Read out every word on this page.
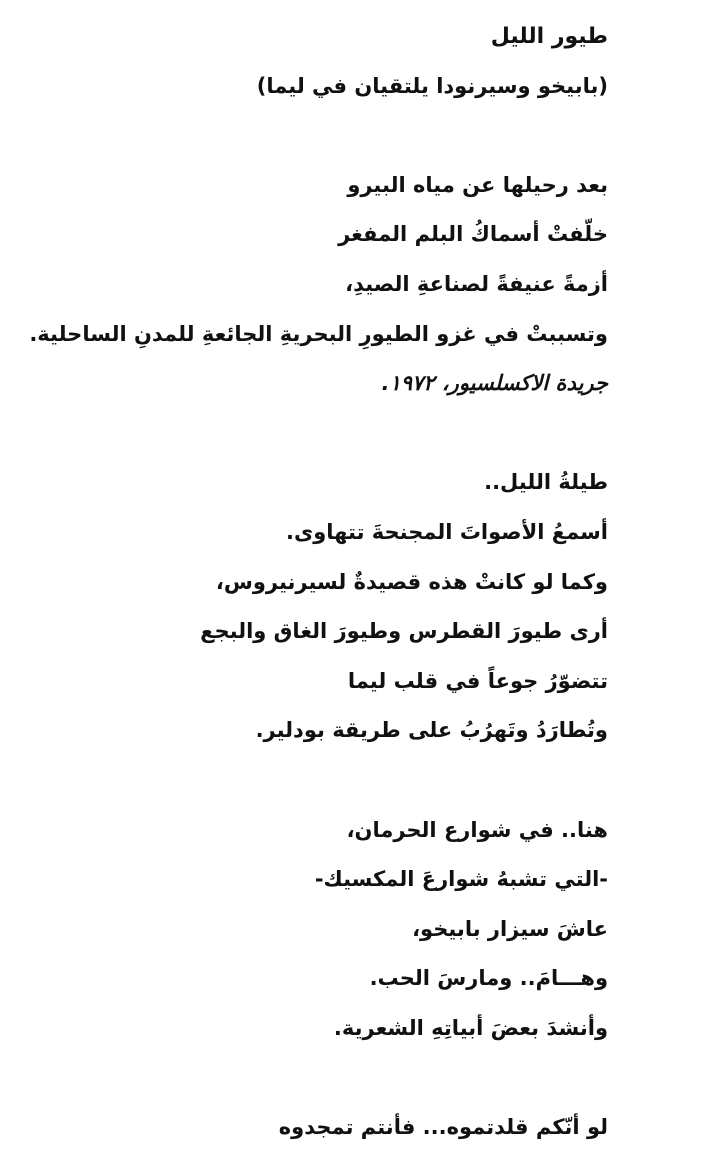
طيور الليل
(بابيخو وسيرنودا يلتقيان في ليما)
بعد رحيلها عن مياه البيرو
خلّفتْ أسماكُ البلم المفغر
أزمةً عنيفةً لصناعةِ الصيدِ،
وتسببتْ في غزو الطيورِ البحريةِ الجائعةِ للمدنِ الساحلية.
جريدة الاكسلسيور، ١٩٧٢.
طيلةُ الليل..
أسمعُ الأصواتَ المجنحةَ تتهاوى.
وكما لو كانتْ هذه قصيدةٌ لسيرنيروس،
أرى طيورَ القطرس وطيورَ الغاق والبجع
تتضوّرُ جوعاً في قلب ليما
وتُطارَدُ وتَهرُبُ على طريقة بودلير.
هنا.. في شوارع الحرمان،
-التي تشبهُ شوارعَ المكسيك-
عاشَ سيزار بابيخو،
وهـــامَ.. ومارسَ الحب.
وأنشدَ بعضَ أبياتِهِ الشعرية.
لو أنّكم قلدتموه... فأنتم تمجدوه
